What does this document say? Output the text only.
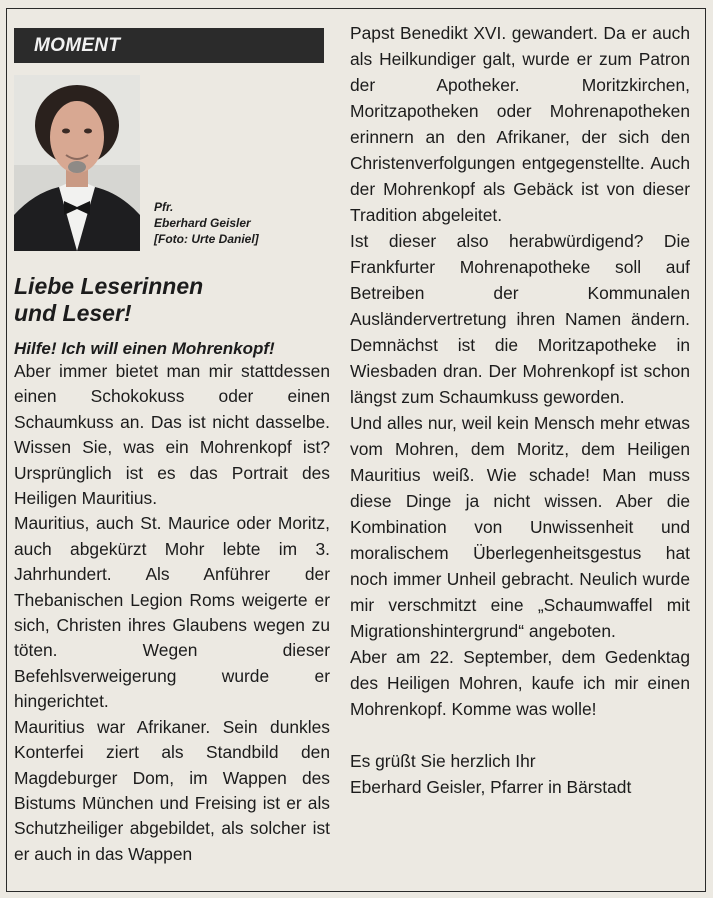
MOMENT
Pfr.
Eberhard Geisler
[Foto: Urte Daniel]
Liebe Leserinnen
und Leser!
Hilfe! Ich will einen Mohrenkopf!

Aber immer bietet man mir stattdessen einen Schokokuss oder einen Schaumkuss an. Das ist nicht dasselbe. Wissen Sie, was ein Mohrenkopf ist? Ursprünglich ist es das Portrait des Heiligen Mauritius.

Mauritius, auch St. Maurice oder Moritz, auch abgekürzt Mohr lebte im 3. Jahrhundert. Als Anführer der Thebanischen Legion Roms weigerte er sich, Christen ihres Glaubens wegen zu töten. Wegen dieser Befehlsverweigerung wurde er hingerichtet.

Mauritius war Afrikaner. Sein dunkles Konterfei ziert als Standbild den Magdeburger Dom, im Wappen des Bistums München und Freising ist er als Schutzheiliger abgebildet, als solcher ist er auch in das Wappen

Papst Benedikt XVI. gewandert. Da er auch als Heilkundiger galt, wurde er zum Patron der Apotheker. Moritzkirchen, Moritzapotheken oder Mohrenapotheken erinnern an den Afrikaner, der sich den Christenverfolgungen entgegenstellte. Auch der Mohrenkopf als Gebäck ist von dieser Tradition abgeleitet.

Ist dieser also herabwürdigend? Die Frankfurter Mohrenapotheke soll auf Betreiben der Kommunalen Ausländervertretung ihren Namen ändern. Demnächst ist die Moritzapotheke in Wiesbaden dran. Der Mohrenkopf ist schon längst zum Schaumkuss geworden.

Und alles nur, weil kein Mensch mehr etwas vom Mohren, dem Moritz, dem Heiligen Mauritius weiß. Wie schade! Man muss diese Dinge ja nicht wissen. Aber die Kombination von Unwissenheit und moralischem Überlegenheitsgestus hat noch immer Unheil gebracht. Neulich wurde mir verschmitzt eine „Schaumwaffel mit Migrationshintergrund“ angeboten.

Aber am 22. September, dem Gedenktag des Heiligen Mohren, kaufe ich mir einen Mohrenkopf. Komme was wolle!

Es grüßt Sie herzlich Ihr

Eberhard Geisler, Pfarrer in Bärstadt
